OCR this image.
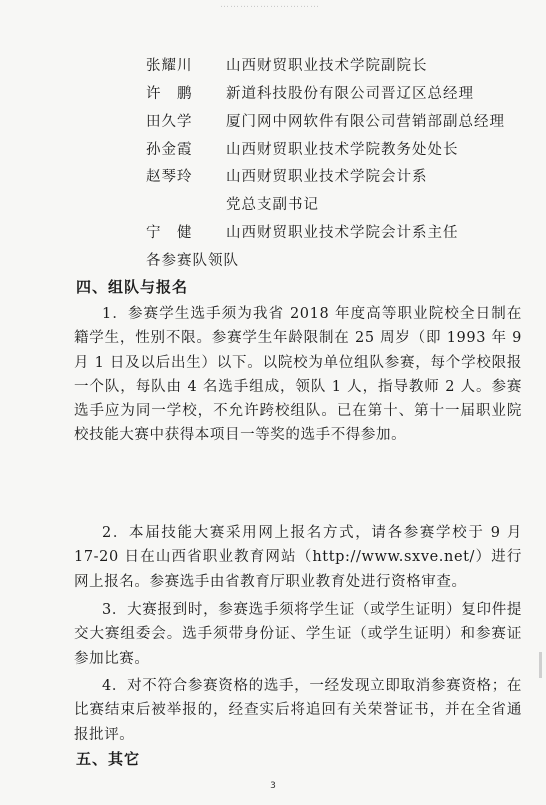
…………………………
张耀川	山西财贸职业技术学院副院长
许　鹏	新道科技股份有限公司晋辽区总经理
田久学	厦门网中网软件有限公司营销部副总经理
孙金霞	山西财贸职业技术学院教务处处长
赵琴玲	山西财贸职业技术学院会计系
党总支副书记
宁　健	山西财贸职业技术学院会计系主任
各参赛队领队
四、组队与报名
1．参赛学生选手须为我省 2018 年度高等职业院校全日制在籍学生，性别不限。参赛学生年龄限制在 25 周岁（即 1993 年 9 月 1 日及以后出生）以下。以院校为单位组队参赛，每个学校限报一个队，每队由 4 名选手组成，领队 1 人，指导教师 2 人。参赛选手应为同一学校，不允许跨校组队。已在第十、第十一届职业院校技能大赛中获得本项目一等奖的选手不得参加。
2．本届技能大赛采用网上报名方式，请各参赛学校于 9 月 17-20 日在山西省职业教育网站（http://www.sxve.net/）进行网上报名。参赛选手由省教育厅职业教育处进行资格审查。
3．大赛报到时，参赛选手须将学生证（或学生证明）复印件提交大赛组委会。选手须带身份证、学生证（或学生证明）和参赛证参加比赛。
4．对不符合参赛资格的选手，一经发现立即取消参赛资格；在比赛结束后被举报的，经查实后将追回有关荣誉证书，并在全省通报批评。
五、其它
3
